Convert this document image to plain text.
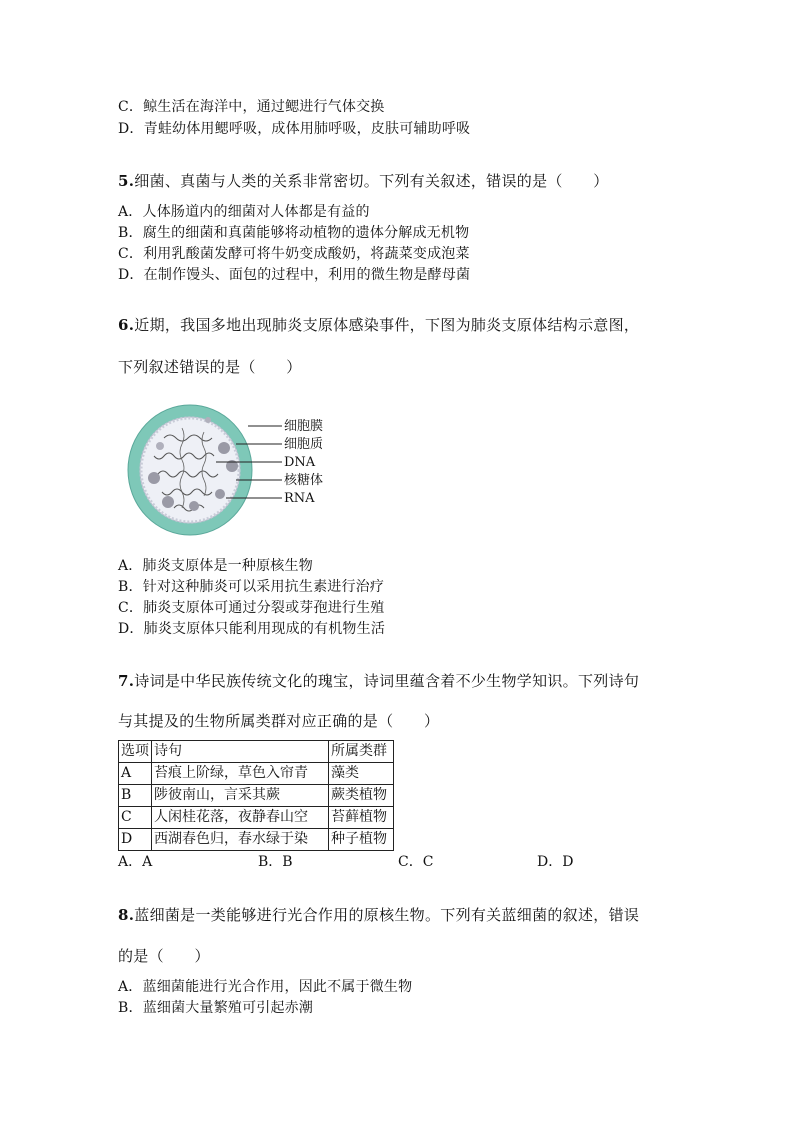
C．鲸生活在海洋中，通过鳃进行气体交换
D．青蛙幼体用鳃呼吸，成体用肺呼吸，皮肤可辅助呼吸
5.细菌、真菌与人类的关系非常密切。下列有关叙述，错误的是（　　）
A．人体肠道内的细菌对人体都是有益的
B．腐生的细菌和真菌能够将动植物的遗体分解成无机物
C．利用乳酸菌发酵可将牛奶变成酸奶，将蔬菜变成泡菜
D．在制作馒头、面包的过程中，利用的微生物是酵母菌
6.近期，我国多地出现肺炎支原体感染事件，下图为肺炎支原体结构示意图，
下列叙述错误的是（　　）
细胞膜
细胞质
DNA
核糖体
RNA
A．肺炎支原体是一种原核生物
B．针对这种肺炎可以采用抗生素进行治疗
C．肺炎支原体可通过分裂或芽孢进行生殖
D．肺炎支原体只能利用现成的有机物生活
7.诗词是中华民族传统文化的瑰宝，诗词里蕴含着不少生物学知识。下列诗句
与其提及的生物所属类群对应正确的是（　　）
选项	诗句	所属类群
A	苔痕上阶绿，草色入帘青	藻类
B	陟彼南山，言采其蕨	蕨类植物
C	人闲桂花落，夜静春山空	苔藓植物
D	西湖春色归，春水绿于染	种子植物
A．A	B．B	C．C	D．D
8.蓝细菌是一类能够进行光合作用的原核生物。下列有关蓝细菌的叙述，错误
的是（　　）
A．蓝细菌能进行光合作用，因此不属于微生物
B．蓝细菌大量繁殖可引起赤潮
